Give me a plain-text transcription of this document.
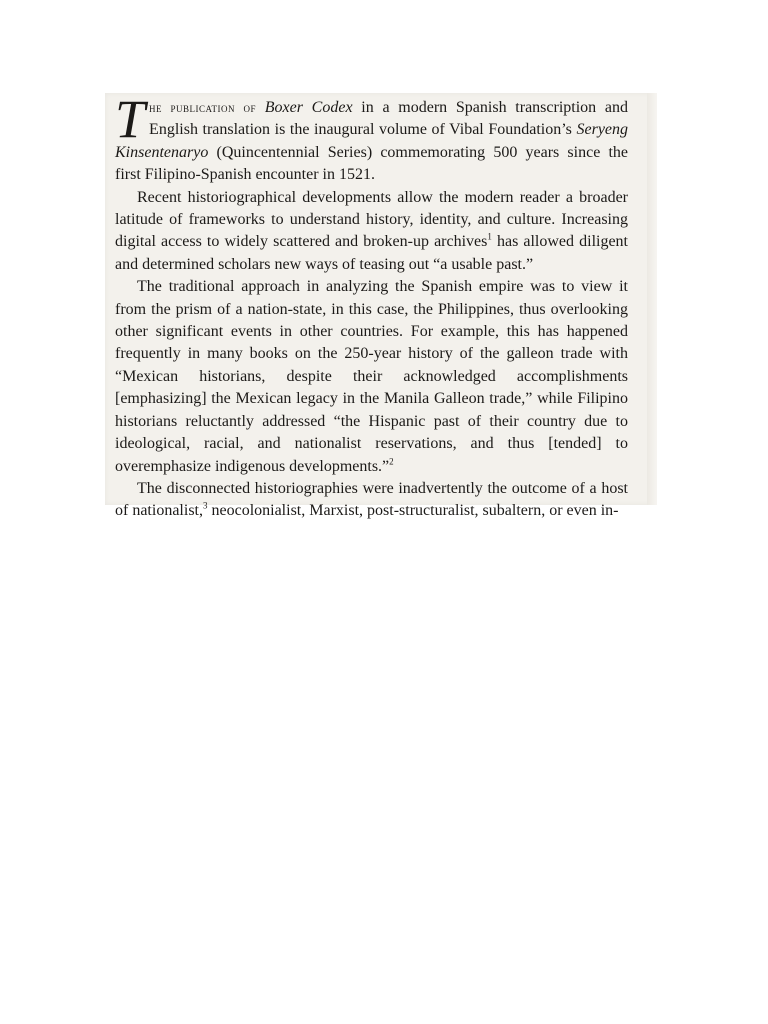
The publication of Boxer Codex in a modern Spanish transcription and English translation is the inaugural volume of Vibal Foundation’s Seryeng Kinsentenaryo (Quincentennial Series) commemorating 500 years since the first Filipino-Spanish encounter in 1521.

Recent historiographical developments allow the modern reader a broader latitude of frameworks to understand history, identity, and culture. Increasing digital access to widely scattered and broken-up archives$^1$ has allowed diligent and determined scholars new ways of teasing out “a usable past.”

The traditional approach in analyzing the Spanish empire was to view it from the prism of a nation-state, in this case, the Philippines, thus overlooking other significant events in other countries. For example, this has happened frequently in many books on the 250-year history of the galleon trade with “Mexican historians, despite their acknowledged accomplishments [emphasizing] the Mexican legacy in the Manila Galleon trade,” while Filipino historians reluctantly addressed “the Hispanic past of their country due to ideological, racial, and nationalist reservations, and thus [tended] to overemphasize indigenous developments.”$^2$

The disconnected historiographies were inadvertently the outcome of a host of nationalist,$^3$ neocolonialist, Marxist, post-structuralist, subaltern, or even in-
